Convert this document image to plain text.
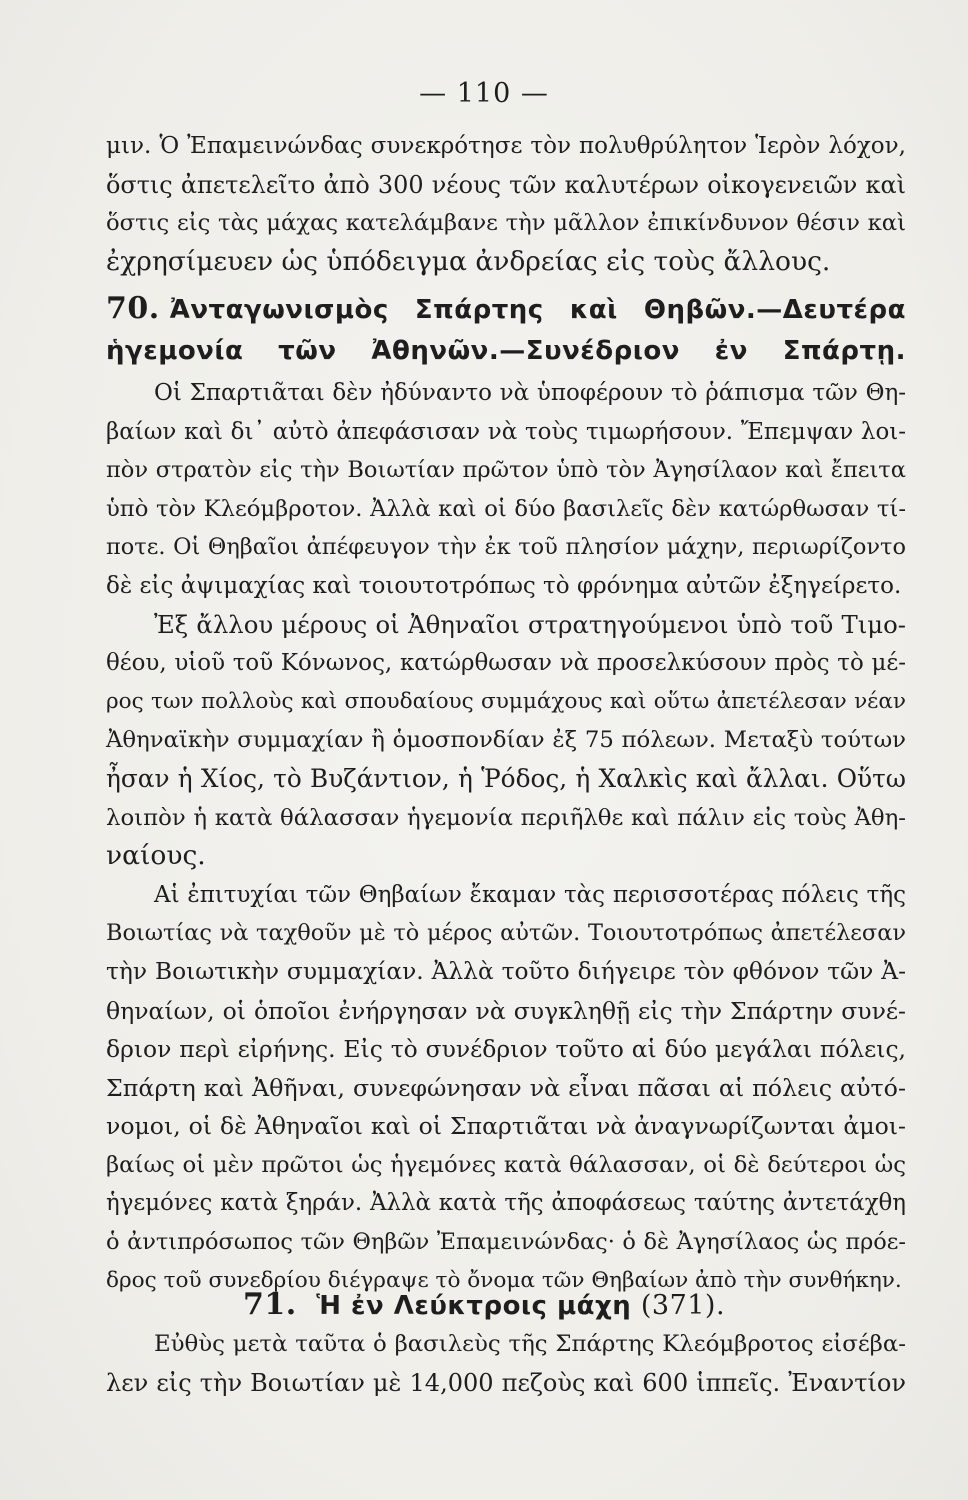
— 110 —
μιν. Ὁ Ἐπαμεινώνδας συνεκρότησε τὸν πολυθρύλητον Ἱερὸν λόχον,
ὅστις ἀπετελεῖτο ἀπὸ 300 νέους τῶν καλυτέρων οἰκογενειῶν καὶ
ὅστις εἰς τὰς μάχας κατελάμβανε τὴν μᾶλλον ἐπικίνδυνον θέσιν καὶ
ἐχρησίμευεν ὡς ὑπόδειγμα ἀνδρείας εἰς τοὺς ἄλλους.
70. Ἀνταγωνισμὸς Σπάρτης καὶ Θηβῶν.—Δευτέρα
ἡγεμονία τῶν Ἀθηνῶν.—Συνέδριον ἐν Σπάρτῃ.
Οἱ Σπαρτιᾶται δὲν ἠδύναντο νὰ ὑποφέρουν τὸ ῥάπισμα τῶν Θη-
βαίων καὶ δι᾽ αὐτὸ ἀπεφάσισαν νὰ τοὺς τιμωρήσουν. Ἔπεμψαν λοι-
πὸν στρατὸν εἰς τὴν Βοιωτίαν πρῶτον ὑπὸ τὸν Ἀγησίλαον καὶ ἔπειτα
ὑπὸ τὸν Κλεόμβροτον. Ἀλλὰ καὶ οἱ δύο βασιλεῖς δὲν κατώρθωσαν τί-
ποτε. Οἱ Θηβαῖοι ἀπέφευγον τὴν ἐκ τοῦ πλησίον μάχην, περιωρίζοντο
δὲ εἰς ἀψιμαχίας καὶ τοιουτοτρόπως τὸ φρόνημα αὐτῶν ἐξηγείρετο.
Ἐξ ἄλλου μέρους οἱ Ἀθηναῖοι στρατηγούμενοι ὑπὸ τοῦ Τιμο-
θέου, υἱοῦ τοῦ Κόνωνος, κατώρθωσαν νὰ προσελκύσουν πρὸς τὸ μέ-
ρος των πολλοὺς καὶ σπουδαίους συμμάχους καὶ οὕτω ἀπετέλεσαν νέαν
Ἀθηναϊκὴν συμμαχίαν ἢ ὁμοσπονδίαν ἐξ 75 πόλεων. Μεταξὺ τούτων
ἦσαν ἡ Χίος, τὸ Βυζάντιον, ἡ Ῥόδος, ἡ Χαλκὶς καὶ ἄλλαι. Οὕτω
λοιπὸν ἡ κατὰ θάλασσαν ἡγεμονία περιῆλθε καὶ πάλιν εἰς τοὺς Ἀθη-
ναίους.
Αἱ ἐπιτυχίαι τῶν Θηβαίων ἔκαμαν τὰς περισσοτέρας πόλεις τῆς
Βοιωτίας νὰ ταχθοῦν μὲ τὸ μέρος αὐτῶν. Τοιουτοτρόπως ἀπετέλεσαν
τὴν Βοιωτικὴν συμμαχίαν. Ἀλλὰ τοῦτο διήγειρε τὸν φθόνον τῶν Ἀ-
θηναίων, οἱ ὁποῖοι ἐνήργησαν νὰ συγκληθῇ εἰς τὴν Σπάρτην συνέ-
δριον περὶ εἰρήνης. Εἰς τὸ συνέδριον τοῦτο αἱ δύο μεγάλαι πόλεις,
Σπάρτη καὶ Ἀθῆναι, συνεφώνησαν νὰ εἶναι πᾶσαι αἱ πόλεις αὐτό-
νομοι, οἱ δὲ Ἀθηναῖοι καὶ οἱ Σπαρτιᾶται νὰ ἀναγνωρίζωνται ἀμοι-
βαίως οἱ μὲν πρῶτοι ὡς ἡγεμόνες κατὰ θάλασσαν, οἱ δὲ δεύτεροι ὡς
ἡγεμόνες κατὰ ξηράν. Ἀλλὰ κατὰ τῆς ἀποφάσεως ταύτης ἀντετάχθη
ὁ ἀντιπρόσωπος τῶν Θηβῶν Ἐπαμεινώνδας· ὁ δὲ Ἀγησίλαος ὡς πρόε-
δρος τοῦ συνεδρίου διέγραψε τὸ ὄνομα τῶν Θηβαίων ἀπὸ τὴν συνθήκην.
71. Ἡ ἐν Λεύκτροις μάχη (371).
Εὐθὺς μετὰ ταῦτα ὁ βασιλεὺς τῆς Σπάρτης Κλεόμβροτος εἰσέβα-
λεν εἰς τὴν Βοιωτίαν μὲ 14,000 πεζοὺς καὶ 600 ἱππεῖς. Ἐναντίον
